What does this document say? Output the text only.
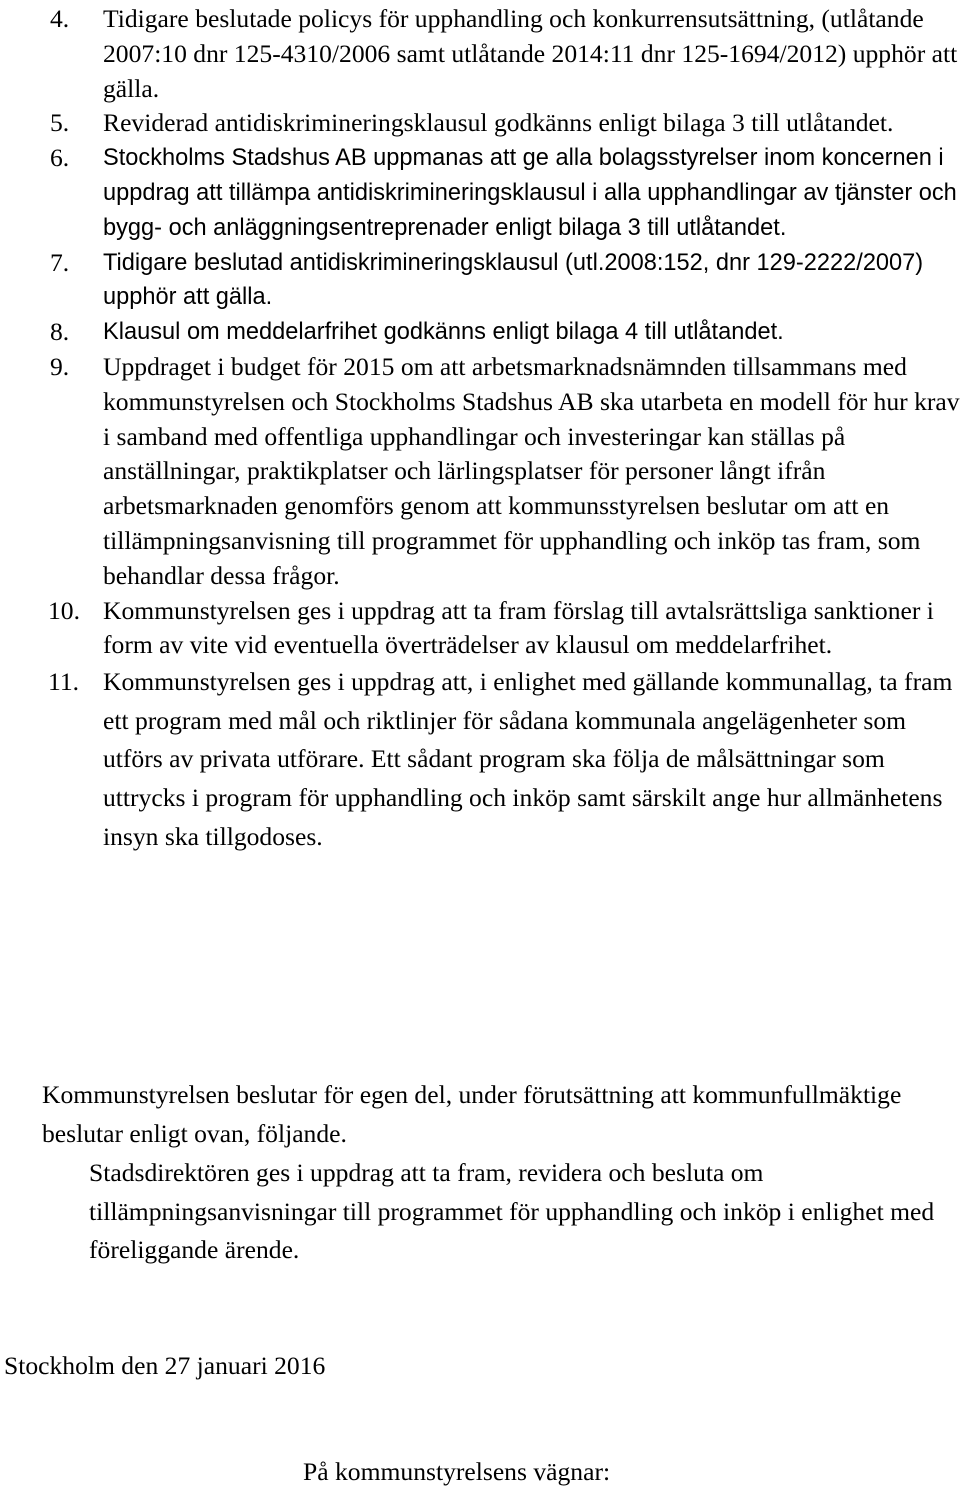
4.	Tidigare beslutade policys för upphandling och konkurrensutsättning, (utlåtande 2007:10 dnr 125-4310/2006 samt utlåtande 2014:11 dnr 125-1694/2012) upphör att gälla.
5.	Reviderad antidiskrimineringsklausul godkänns enligt bilaga 3 till utlåtandet.
6.	Stockholms Stadshus AB uppmanas att ge alla bolagsstyrelser inom koncernen i uppdrag att tillämpa antidiskrimineringsklausul i alla upphandlingar av tjänster och bygg- och anläggningsentreprenader enligt bilaga 3 till utlåtandet.
7.	Tidigare beslutad antidiskrimineringsklausul (utl.2008:152, dnr 129-2222/2007) upphör att gälla.
8.	Klausul om meddelarfrihet godkänns enligt bilaga 4 till utlåtandet.
9.	Uppdraget i budget för 2015 om att arbetsmarknadsnämnden tillsammans med kommunstyrelsen och Stockholms Stadshus AB ska utarbeta en modell för hur krav i samband med offentliga upphandlingar och investeringar kan ställas på anställningar, praktikplatser och lärlingsplatser för personer långt ifrån arbetsmarknaden genomförs genom att kommunsstyrelsen beslutar om att en tillämpningsanvisning till programmet för upphandling och inköp tas fram, som behandlar dessa frågor.
10. Kommunstyrelsen ges i uppdrag att ta fram förslag till avtalsrättsliga sanktioner i form av vite vid eventuella överträdelser av klausul om meddelarfrihet.
11. Kommunstyrelsen ges i uppdrag att, i enlighet med gällande kommunallag, ta fram ett program med mål och riktlinjer för sådana kommunala angelägenheter som utförs av privata utförare. Ett sådant program ska följa de målsättningar som uttrycks i program för upphandling och inköp samt särskilt ange hur allmänhetens insyn ska tillgodoses.
Kommunstyrelsen beslutar för egen del, under förutsättning att kommunfullmäktige beslutar enligt ovan, följande.
Stadsdirektören ges i uppdrag att ta fram, revidera och besluta om tillämpningsanvisningar till programmet för upphandling och inköp i enlighet med föreliggande ärende.
Stockholm den 27 januari 2016
På kommunstyrelsens vägnar:
